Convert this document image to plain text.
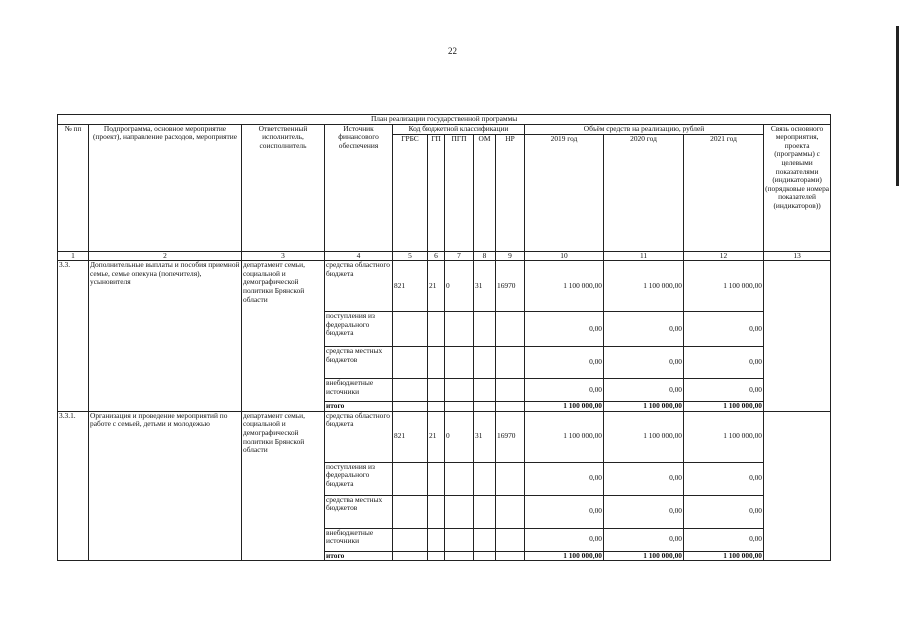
22
План реализации государственной программы												
№ пп	Подпрограмма, основное мероприятие (проект), направление расходов, мероприятие	Ответственный исполнитель, соисполнитель	Источник финансового обеспечения	Код бюджетной классификации					Объём средств на реализацию, рублей			Связь основного мероприятия, проекта (программы) с целевыми показателями (индикаторами) (порядковые номера показателей (индикаторов))
				ГРБС	ГП	ПГП	ОМ	НР	2019 год	2020 год	2021 год	
1	2	3	4	5	6	7	8	9	10	11	12	13
3.3.	Дополнительные выплаты и пособия приемной семье, семье опекуна (попечителя), усыновителя	департамент семьи, социальной и демографической политики Брянской области	средства областного бюджета	821	21	0	31	16970	1 100 000,00	1 100 000,00	1 100 000,00	
			поступления из федерального бюджета						0,00	0,00	0,00	
			средства местных бюджетов						0,00	0,00	0,00	
			внебюджетные источники						0,00	0,00	0,00	
			итого						1 100 000,00	1 100 000,00	1 100 000,00	
3.3.1.	Организация и проведение мероприятий по работе с семьей, детьми и молодежью	департамент семьи, социальной и демографической политики Брянской области	средства областного бюджета	821	21	0	31	16970	1 100 000,00	1 100 000,00	1 100 000,00	
			поступления из федерального бюджета						0,00	0,00	0,00	
			средства местных бюджетов						0,00	0,00	0,00	
			внебюджетные источники						0,00	0,00	0,00	
			итого						1 100 000,00	1 100 000,00	1 100 000,00	
